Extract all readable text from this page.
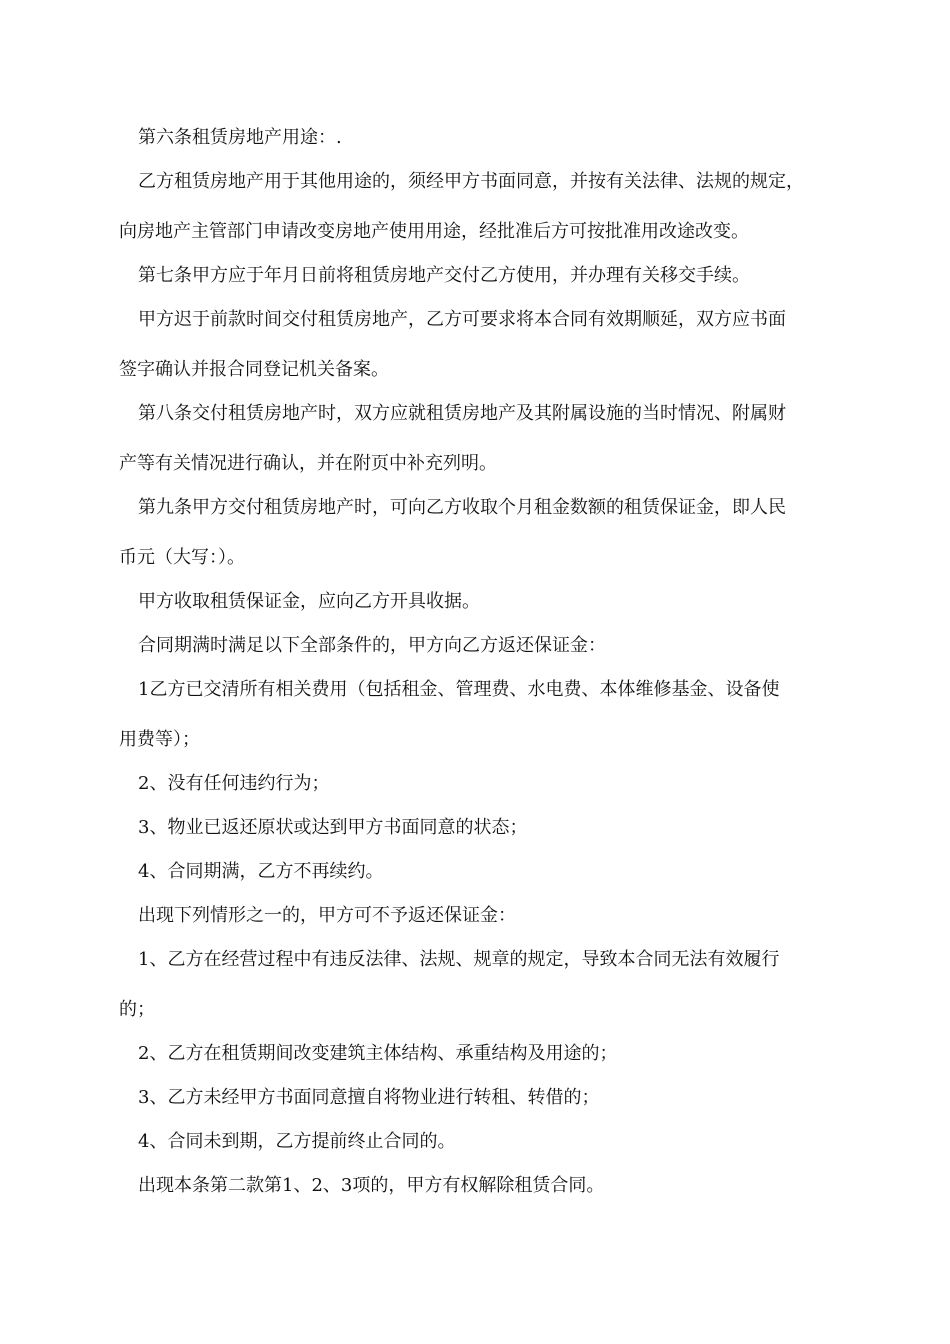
第六条租赁房地产用途：.
乙方租赁房地产用于其他用途的，须经甲方书面同意，并按有关法律、法规的规定，
向房地产主管部门申请改变房地产使用用途，经批准后方可按批准用改途改变。
第七条甲方应于年月日前将租赁房地产交付乙方使用，并办理有关移交手续。
甲方迟于前款时间交付租赁房地产，乙方可要求将本合同有效期顺延，双方应书面
签字确认并报合同登记机关备案。
第八条交付租赁房地产时，双方应就租赁房地产及其附属设施的当时情况、附属财
产等有关情况进行确认，并在附页中补充列明。
第九条甲方交付租赁房地产时，可向乙方收取个月租金数额的租赁保证金，即人民
币元（大写：）。
甲方收取租赁保证金，应向乙方开具收据。
合同期满时满足以下全部条件的，甲方向乙方返还保证金：
1乙方已交清所有相关费用（包括租金、管理费、水电费、本体维修基金、设备使
用费等）；
2、没有任何违约行为；
3、物业已返还原状或达到甲方书面同意的状态；
4、合同期满，乙方不再续约。
出现下列情形之一的，甲方可不予返还保证金：
1、乙方在经营过程中有违反法律、法规、规章的规定，导致本合同无法有效履行
的；
2、乙方在租赁期间改变建筑主体结构、承重结构及用途的；
3、乙方未经甲方书面同意擅自将物业进行转租、转借的；
4、合同未到期，乙方提前终止合同的。
出现本条第二款第1、2、3项的，甲方有权解除租赁合同。
